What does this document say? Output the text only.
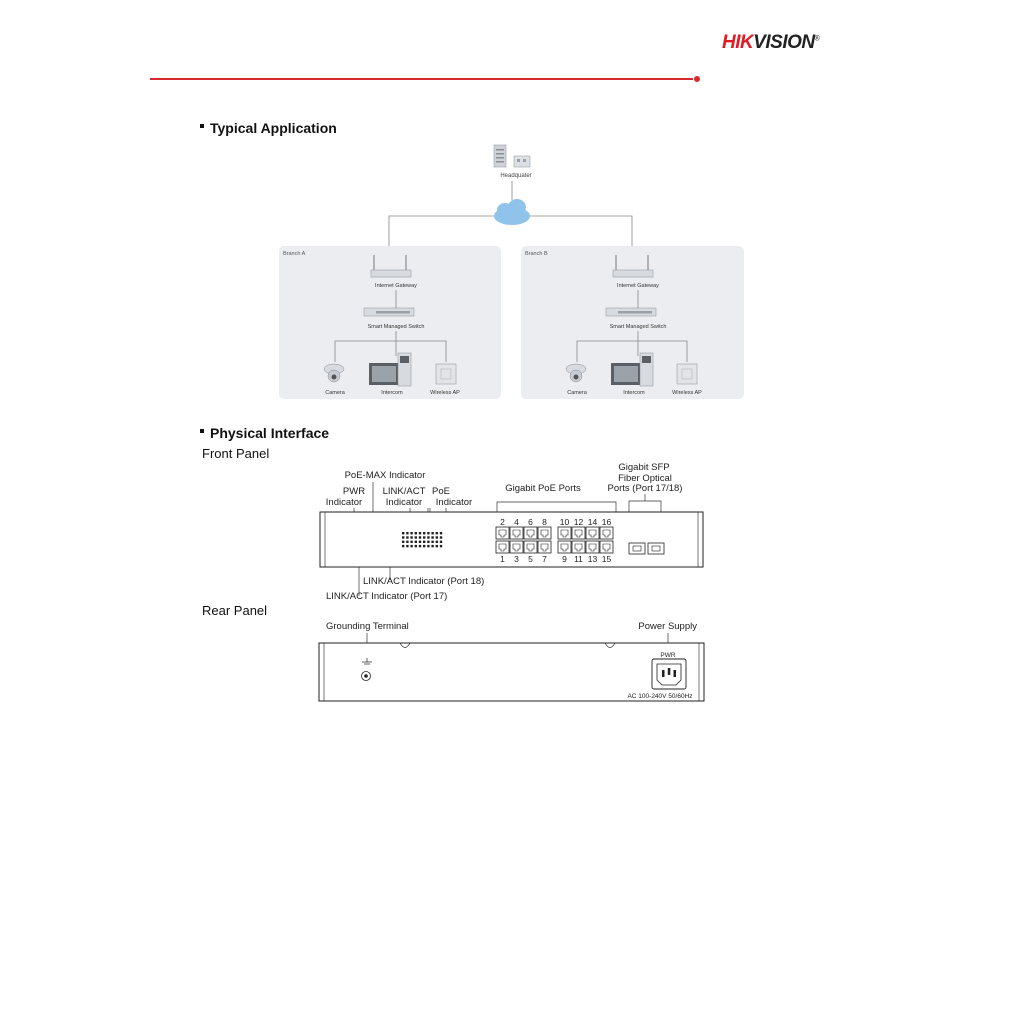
HIKVISION®
Typical Application
Headquater
Branch A
Internet Gateway
Smart Managed Switch
Camera	Intercom	Wireless AP
Branch B
Internet Gateway
Smart Managed Switch
Camera	Intercom	Wireless AP
Physical Interface
Front Panel
PoE-MAX Indicator
PWR
Indicator
LINK/ACT
Indicator
PoE
Indicator
Gigabit PoE Ports
Gigabit SFP
Fiber Optical
Ports (Port 17/18)
2 4 6 8 10 12 14 16
1 3 5 7 9 11 13 15
LINK/ACT Indicator (Port 18)
LINK/ACT Indicator (Port 17)
Rear Panel
Grounding Terminal	Power Supply
PWR
AC 100-240V 50/60Hz
